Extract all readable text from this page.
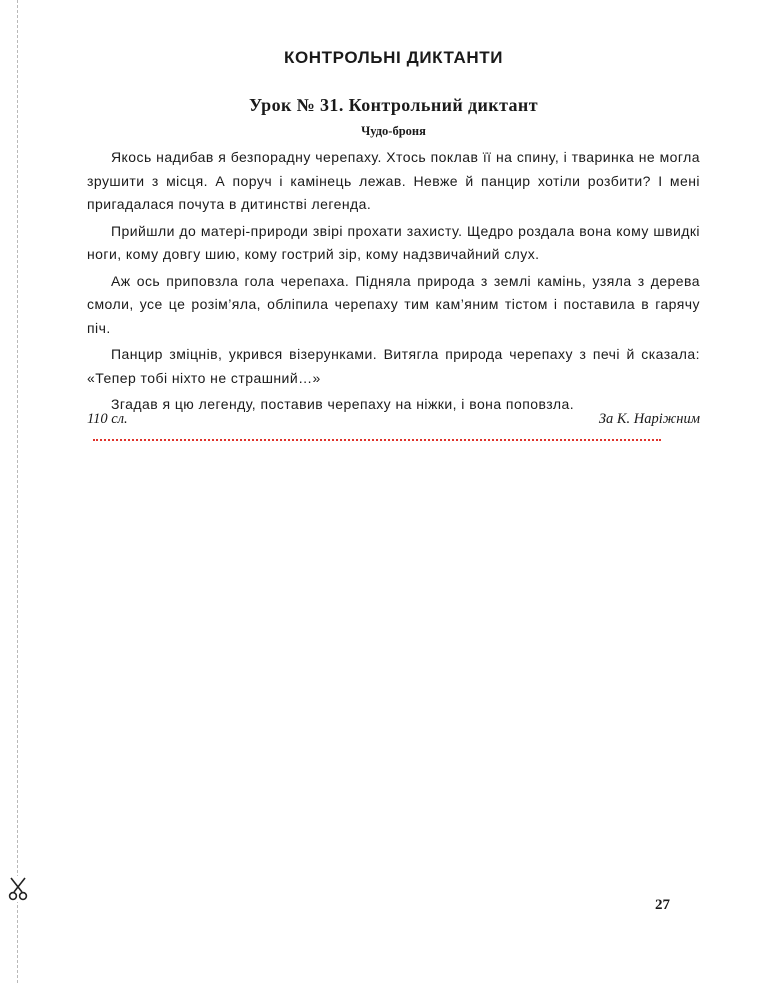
КОНТРОЛЬНІ ДИКТАНТИ
Урок № 31. Контрольний диктант
Чудо-броня

Якось надибав я безпорадну черепаху. Хтось поклав її на спину, і тваринка не могла зрушити з місця. А поруч і камінець лежав. Невже й панцир хотіли розбити? І мені пригадалася почута в дитинстві легенда.

Прийшли до матері-природи звірі прохати захисту. Щедро роздала вона кому швидкі ноги, кому довгу шию, кому гострий зір, кому надзвичайний слух.

Аж ось приповзла гола черепаха. Підняла природа з землі камінь, узяла з дерева смоли, усе це розім’яла, обліпила черепаху тим кам’яним тістом і поставила в гарячу піч.

Панцир зміцнів, укрився візерунками. Витягла природа черепаху з печі й сказала: «Тепер тобі ніхто не страшний…»

Згадав я цю легенду, поставив черепаху на ніжки, і вона поповзла.

110 сл.	За К. Наріжним
27
